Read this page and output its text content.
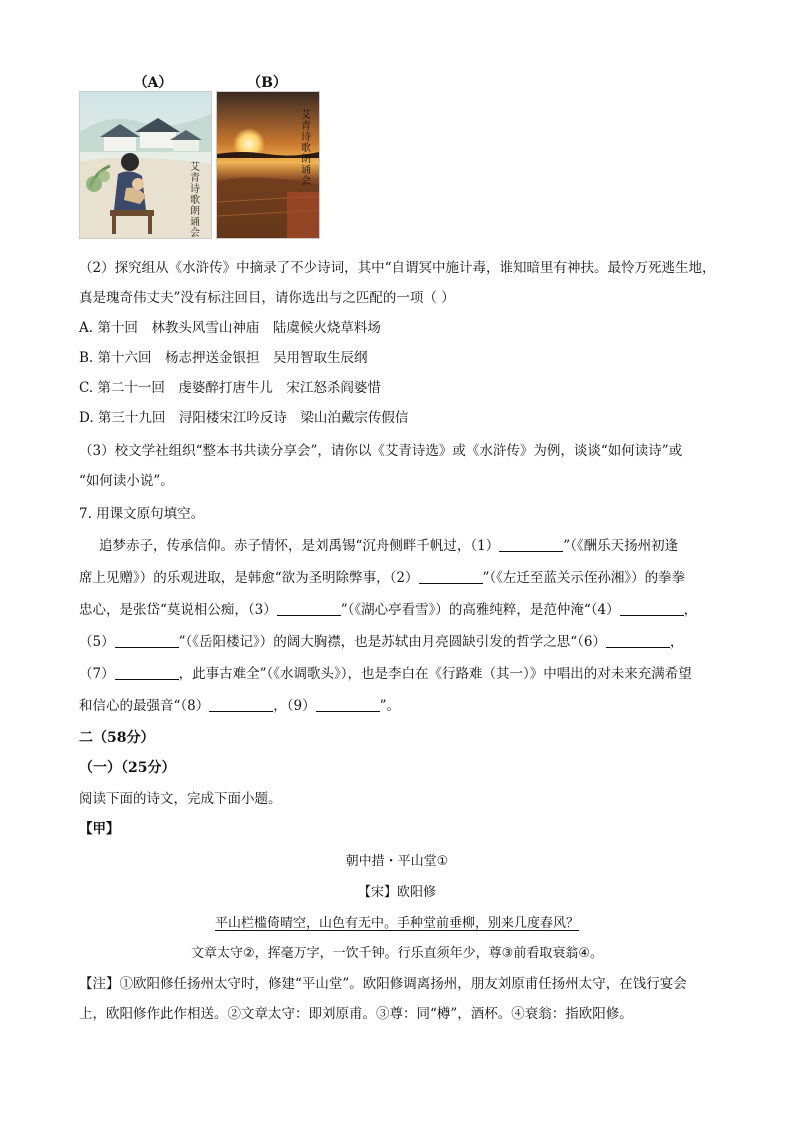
（A）	（B）
艾青诗歌朗诵会
艾青诗歌朗诵会
（2）探究组从《水浒传》中摘录了不少诗词，其中“自谓冥中施计毒，谁知暗里有神扶。最怜万死逃生地，
真是瑰奇伟丈夫”没有标注回目，请你选出与之匹配的一项（ ）
A. 第十回　林教头风雪山神庙　陆虞候火烧草料场
B. 第十六回　杨志押送金银担　吴用智取生辰纲
C. 第二十一回　虔婆醉打唐牛儿　宋江怒杀阎婆惜
D. 第三十九回　浔阳楼宋江吟反诗　梁山泊戴宗传假信
（3）校文学社组织“整本书共读分享会”，请你以《艾青诗选》或《水浒传》为例，谈谈“如何读诗”或
“如何读小说”。
7. 用课文原句填空。
追梦赤子，传承信仰。赤子情怀，是刘禹锡“沉舟侧畔千帆过，（1）	”（《酬乐天扬州初逢
席上见赠》）的乐观进取，是韩愈“欲为圣明除弊事，（2）	”（《左迁至蓝关示侄孙湘》）的拳拳
忠心，是张岱“莫说相公痴，（3）	”（《湖心亭看雪》）的高雅纯粹，是范仲淹“（4）	，
（5）	”（《岳阳楼记》）的阔大胸襟，也是苏轼由月亮圆缺引发的哲学之思“（6）	，
（7）	，此事古难全”（《水调歌头》），也是李白在《行路难（其一）》中唱出的对未来充满希望
和信心的最强音“（8）	，（9）	”。
二（58分）
（一）（25分）
阅读下面的诗文，完成下面小题。
【甲】
朝中措・平山堂①
【宋】欧阳修
平山栏槛倚晴空，山色有无中。手种堂前垂柳，别来几度春风？
文章太守②，挥毫万字，一饮千钟。行乐直须年少，尊③前看取衰翁④。
【注】①欧阳修任扬州太守时，修建“平山堂”。欧阳修调离扬州，朋友刘原甫任扬州太守，在饯行宴会
上，欧阳修作此作相送。②文章太守：即刘原甫。③尊：同“樽”，酒杯。④衰翁：指欧阳修。
